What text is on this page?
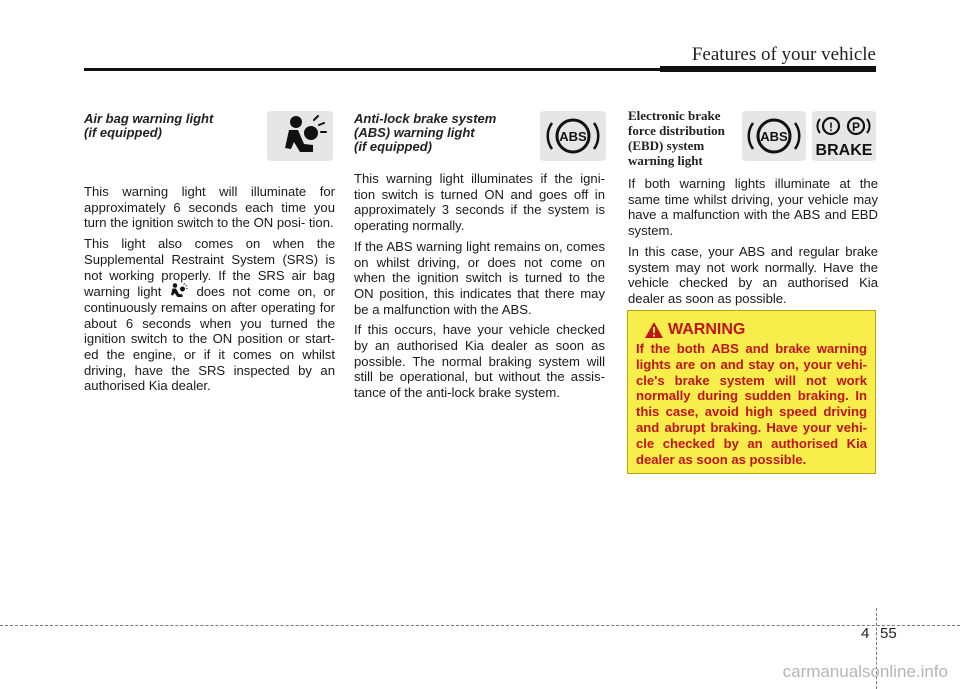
Features of your vehicle
Air bag warning light
(if equipped)

This warning light will illuminate for approximately 6 seconds each time you turn the ignition switch to the ON posi- tion.

This light also comes on when the Supplemental Restraint System (SRS) is not working properly. If the SRS air bag warning light	does not come on, or continuously remains on after operating for about 6 seconds when you turned the ignition switch to the ON position or start- ed the engine, or if it comes on whilst driving, have the SRS inspected by an authorised Kia dealer.

Anti-lock brake system
(ABS) warning light
(if equipped)

This warning light illuminates if the igni- tion switch is turned ON and goes off in approximately 3 seconds if the system is operating normally.

If the ABS warning light remains on, comes on whilst driving, or does not come on when the ignition switch is turned to the ON position, this indicates that there may be a malfunction with the ABS.

If this occurs, have your vehicle checked by an authorised Kia dealer as soon as possible. The normal braking system will still be operational, but without the assis- tance of the anti-lock brake system.

ABS
Electronic brake
force distribution
(EBD) system
warning light

If both warning lights illuminate at the same time whilst driving, your vehicle may have a malfunction with the ABS and EBD system.

In this case, your ABS and regular brake system may not work normally. Have the vehicle checked by an authorised Kia dealer as soon as possible.

ABS
! P
BRAKE
WARNING
If the both ABS and brake warning lights are on and stay on, your vehi- cle's brake system will not work normally during sudden braking. In this case, avoid high speed driving and abrupt braking. Have your vehi- cle checked by an authorised Kia dealer as soon as possible.
4 55
carmanualsonline.info
